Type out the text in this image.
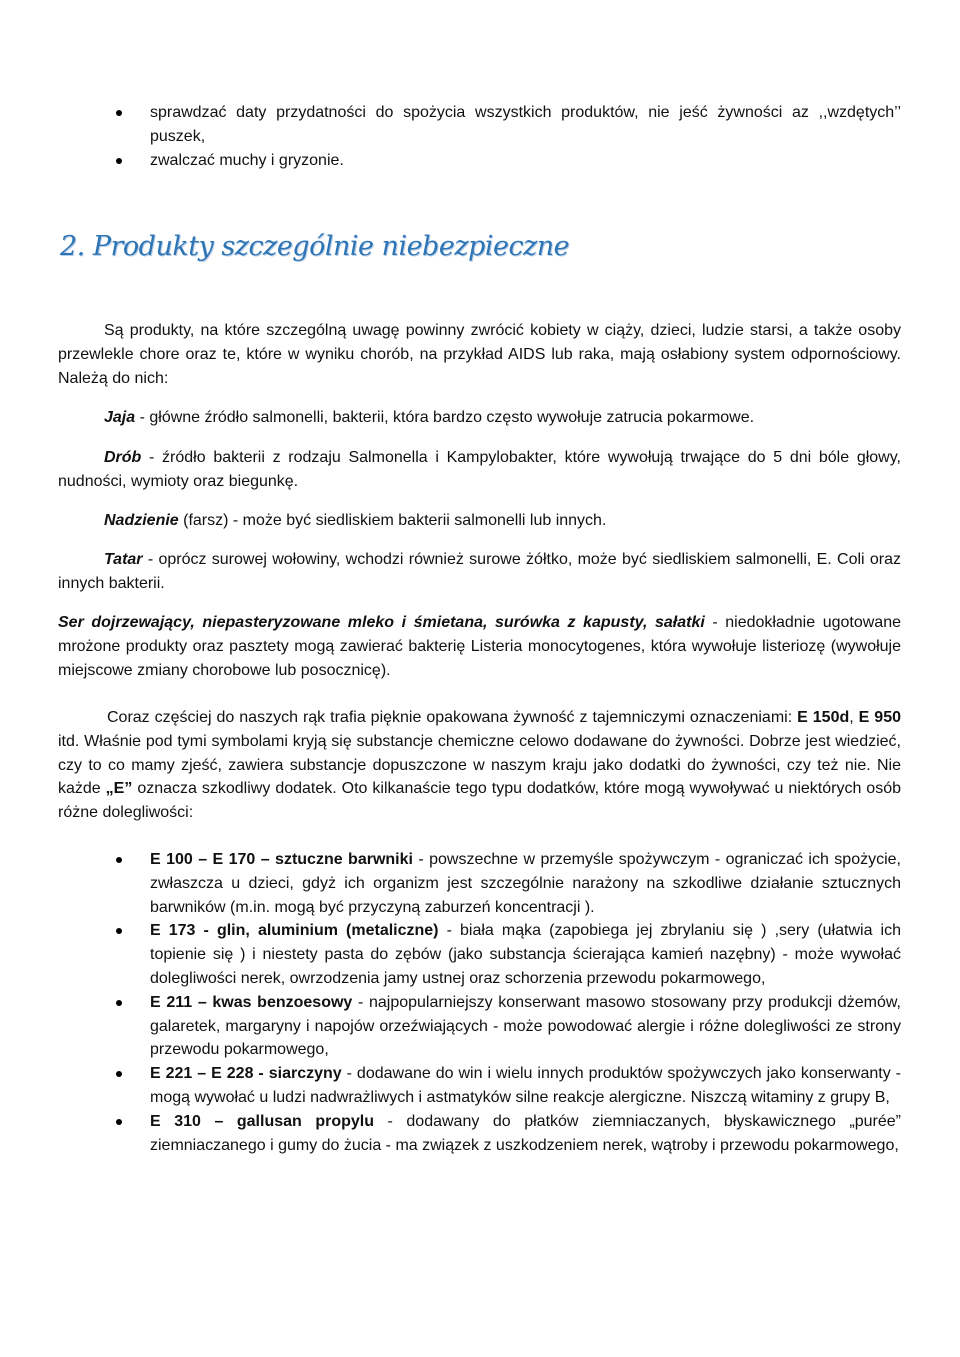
sprawdzać daty przydatności do spożycia wszystkich produktów, nie jeść żywności az ,,wzdętych’’ puszek,
zwalczać muchy i gryzonie.
2. Produkty szczególnie niebezpieczne

Są produkty, na które szczególną uwagę powinny zwrócić kobiety w ciąży, dzieci, ludzie starsi, a także osoby przewlekle chore oraz te, które w wyniku chorób, na przykład AIDS lub raka, mają osłabiony system odpornościowy. Należą do nich:

Jaja - główne źródło salmonelli, bakterii, która bardzo często wywołuje zatrucia pokarmowe.

Drób - źródło bakterii z rodzaju Salmonella i Kampylobakter, które wywołują trwające do 5 dni bóle głowy, nudności, wymioty oraz biegunkę.

Nadzienie (farsz) - może być siedliskiem bakterii salmonelli lub innych.

Tatar - oprócz surowej wołowiny, wchodzi również surowe żółtko, może być siedliskiem salmonelli, E. Coli oraz innych bakterii.

Ser dojrzewający, niepasteryzowane mleko i śmietana, surówka z kapusty, sałatki - niedokładnie ugotowane mrożone produkty oraz pasztety mogą zawierać bakterię Listeria monocytogenes, która wywołuje listeriozę (wywołuje miejscowe zmiany chorobowe lub posocznicę).

Coraz częściej do naszych rąk trafia pięknie opakowana żywność z tajemniczymi oznaczeniami: E 150d, E 950 itd. Właśnie pod tymi symbolami kryją się substancje chemiczne celowo dodawane do żywności. Dobrze jest wiedzieć, czy to co mamy zjeść, zawiera substancje dopuszczone w naszym kraju jako dodatki do żywności, czy też nie. Nie każde „E” oznacza szkodliwy dodatek. Oto kilkanaście tego typu dodatków, które mogą wywoływać u niektórych osób różne dolegliwości:

E 100 – E 170 – sztuczne barwniki - powszechne w przemyśle spożywczym - ograniczać ich spożycie, zwłaszcza u dzieci, gdyż ich organizm jest szczególnie narażony na szkodliwe działanie sztucznych barwników (m.in. mogą być przyczyną zaburzeń koncentracji ).
E 173 - glin, aluminium (metaliczne) - biała mąka (zapobiega jej zbrylaniu się ) ,sery (ułatwia ich topienie się ) i niestety pasta do zębów (jako substancja ścierająca kamień nazębny) - może wywołać dolegliwości nerek, owrzodzenia jamy ustnej oraz schorzenia przewodu pokarmowego,
E 211 – kwas benzoesowy - najpopularniejszy konserwant masowo stosowany przy produkcji dżemów, galaretek, margaryny i napojów orzeźwiających - może powodować alergie i różne dolegliwości ze strony przewodu pokarmowego,
E 221 – E 228 - siarczyny - dodawane do win i wielu innych produktów spożywczych jako konserwanty - mogą wywołać u ludzi nadwrażliwych i astmatyków silne reakcje alergiczne. Niszczą witaminy z grupy B,
E 310 – gallusan propylu - dodawany do płatków ziemniaczanych, błyskawicznego „purée” ziemniaczanego i gumy do żucia - ma związek z uszkodzeniem nerek, wątroby i przewodu pokarmowego,
